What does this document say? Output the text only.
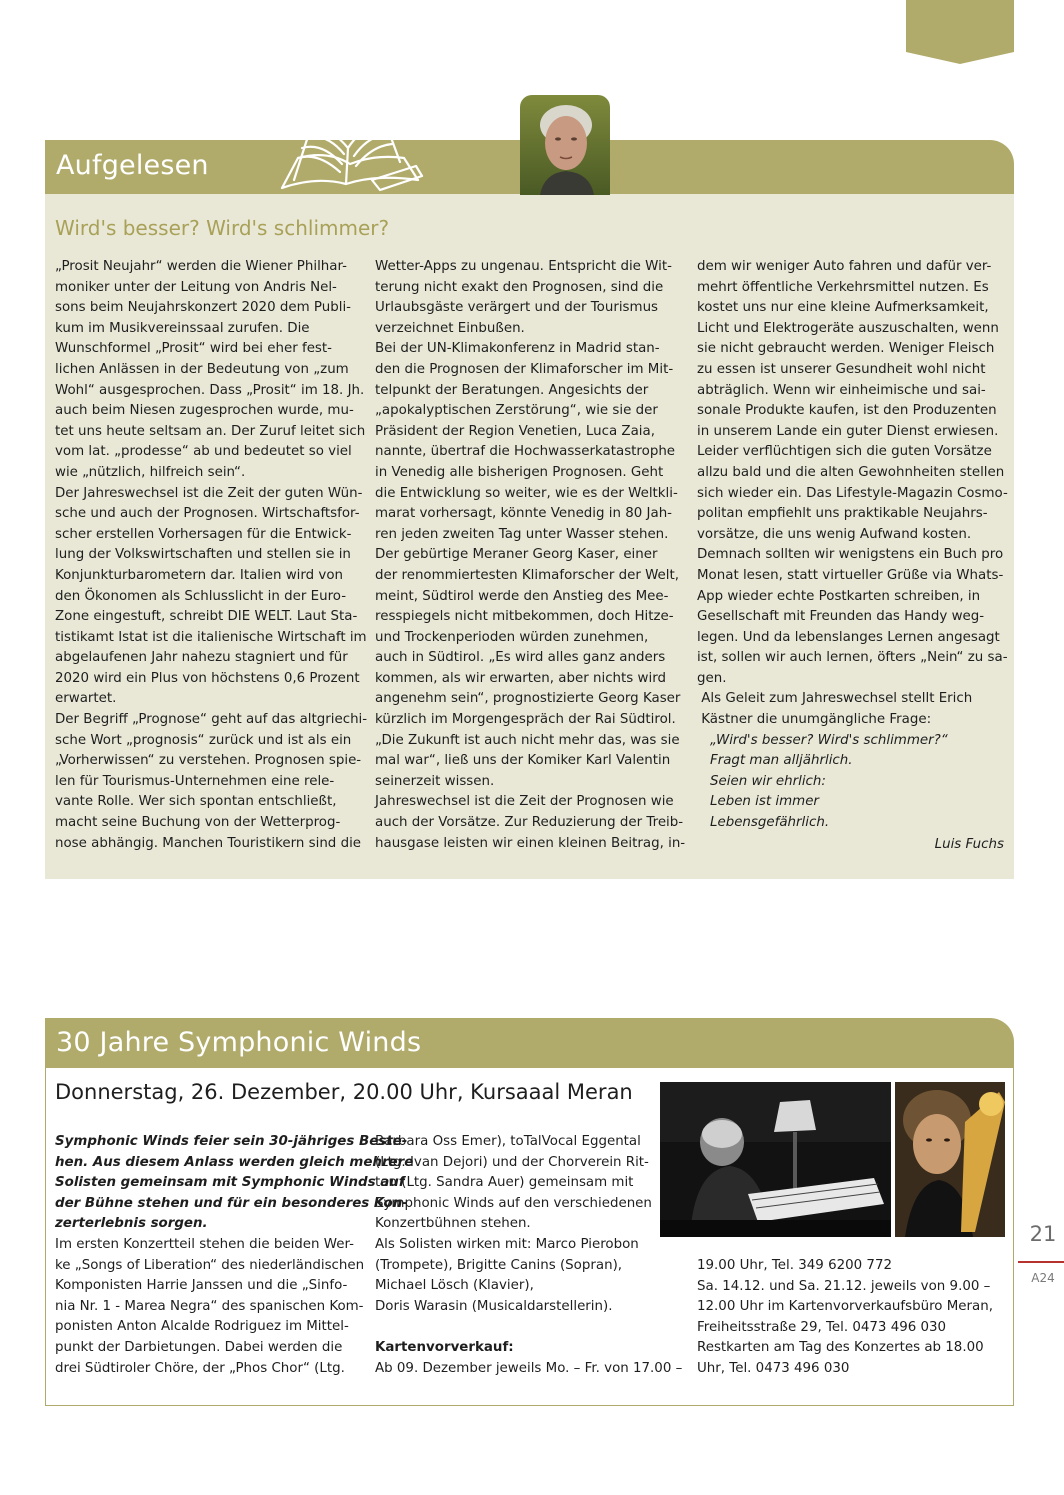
Aufgelesen
Wird's besser? Wird's schlimmer?
„Prosit Neujahr“ werden die Wiener Philhar-
moniker unter der Leitung von Andris Nel-
sons beim Neujahrskonzert 2020 dem Publi-
kum im Musikvereinssaal zurufen. Die
Wunschformel „Prosit“ wird bei eher fest-
lichen Anlässen in der Bedeutung von „zum
Wohl“ ausgesprochen. Dass „Prosit“ im 18. Jh.
auch beim Niesen zugesprochen wurde, mu-
tet uns heute seltsam an. Der Zuruf leitet sich
vom lat. „prodesse“ ab und bedeutet so viel
wie „nützlich, hilfreich sein“.
Der Jahreswechsel ist die Zeit der guten Wün-
sche und auch der Prognosen. Wirtschaftsfor-
scher erstellen Vorhersagen für die Entwick-
lung der Volkswirtschaften und stellen sie in
Konjunkturbarometern dar. Italien wird von
den Ökonomen als Schlusslicht in der Euro-
Zone eingestuft, schreibt DIE WELT. Laut Sta-
tistikamt Istat ist die italienische Wirtschaft im
abgelaufenen Jahr nahezu stagniert und für
2020 wird ein Plus von höchstens 0,6 Prozent
erwartet.
Der Begriff „Prognose“ geht auf das altgriechi-
sche Wort „prognosis“ zurück und ist als ein
„Vorherwissen“ zu verstehen. Prognosen spie-
len für Tourismus-Unternehmen eine rele-
vante Rolle. Wer sich spontan entschließt,
macht seine Buchung von der Wetterprog-
nose abhängig. Manchen Touristikern sind die
Wetter-Apps zu ungenau. Entspricht die Wit-
terung nicht exakt den Prognosen, sind die
Urlaubsgäste verärgert und der Tourismus
verzeichnet Einbußen.
Bei der UN-Klimakonferenz in Madrid stan-
den die Prognosen der Klimaforscher im Mit-
telpunkt der Beratungen. Angesichts der
„apokalyptischen Zerstörung“, wie sie der
Präsident der Region Venetien, Luca Zaia,
nannte, übertraf die Hochwasserkatastrophe
in Venedig alle bisherigen Prognosen. Geht
die Entwicklung so weiter, wie es der Weltkli-
marat vorhersagt, könnte Venedig in 80 Jah-
ren jeden zweiten Tag unter Wasser stehen.
Der gebürtige Meraner Georg Kaser, einer
der renommiertesten Klimaforscher der Welt,
meint, Südtirol werde den Anstieg des Mee-
resspiegels nicht mitbekommen, doch Hitze-
und Trockenperioden würden zunehmen,
auch in Südtirol. „Es wird alles ganz anders
kommen, als wir erwarten, aber nichts wird
angenehm sein“, prognostizierte Georg Kaser
kürzlich im Morgengespräch der Rai Südtirol.
„Die Zukunft ist auch nicht mehr das, was sie
mal war“, ließ uns der Komiker Karl Valentin
seinerzeit wissen.
Jahreswechsel ist die Zeit der Prognosen wie
auch der Vorsätze. Zur Reduzierung der Treib-
hausgase leisten wir einen kleinen Beitrag, in-
dem wir weniger Auto fahren und dafür ver-
mehrt öffentliche Verkehrsmittel nutzen. Es
kostet uns nur eine kleine Aufmerksamkeit,
Licht und Elektrogeräte auszuschalten, wenn
sie nicht gebraucht werden. Weniger Fleisch
zu essen ist unserer Gesundheit wohl nicht
abträglich. Wenn wir einheimische und sai-
sonale Produkte kaufen, ist den Produzenten
in unserem Lande ein guter Dienst erwiesen.
Leider verflüchtigen sich die guten Vorsätze
allzu bald und die alten Gewohnheiten stellen
sich wieder ein. Das Lifestyle-Magazin Cosmo-
politan empfiehlt uns praktikable Neujahrs-
vorsätze, die uns wenig Aufwand kosten.
Demnach sollten wir wenigstens ein Buch pro
Monat lesen, statt virtueller Grüße via Whats-
App wieder echte Postkarten schreiben, in
Gesellschaft mit Freunden das Handy weg-
legen. Und da lebenslanges Lernen angesagt
ist, sollen wir auch lernen, öfters „Nein“ zu sa-
gen.
Als Geleit zum Jahreswechsel stellt Erich
Kästner die unumgängliche Frage:
„Wird's besser? Wird's schlimmer?“
Fragt man alljährlich.
Seien wir ehrlich:
Leben ist immer
Lebensgefährlich.
Luis Fuchs
30 Jahre Symphonic Winds
Donnerstag, 26. Dezember, 20.00 Uhr, Kursaaal Meran
Symphonic Winds feier sein 30-jähriges Beste-
hen. Aus diesem Anlass werden gleich mehrere
Solisten gemeinsam mit Symphonic Winds auf
der Bühne stehen und für ein besonderes Kon-
zerterlebnis sorgen.
Im ersten Konzertteil stehen die beiden Wer-
ke „Songs of Liberation“ des niederländischen
Komponisten Harrie Janssen und die „Sinfo-
nia Nr. 1 - Marea Negra“ des spanischen Kom-
ponisten Anton Alcalde Rodriguez im Mittel-
punkt der Darbietungen. Dabei werden die
drei Südtiroler Chöre, der „Phos Chor“ (Ltg.
Barbara Oss Emer), toTalVocal Eggental
(Ltg. Ivan Dejori) und der Chorverein Rit-
ten (Ltg. Sandra Auer) gemeinsam mit
Symphonic Winds auf den verschiedenen
Konzertbühnen stehen.
Als Solisten wirken mit: Marco Pierobon
(Trompete), Brigitte Canins (Sopran),
Michael Lösch (Klavier),
Doris Warasin (Musicaldarstellerin).

Kartenvorverkauf:
Ab 09. Dezember jeweils Mo. – Fr. von 17.00 –
19.00 Uhr, Tel. 349 6200 772
Sa. 14.12. und Sa. 21.12. jeweils von 9.00 –
12.00 Uhr im Kartenvorverkaufsbüro Meran,
Freiheitsstraße 29, Tel. 0473 496 030
Restkarten am Tag des Konzertes ab 18.00
Uhr, Tel. 0473 496 030
21
A24
